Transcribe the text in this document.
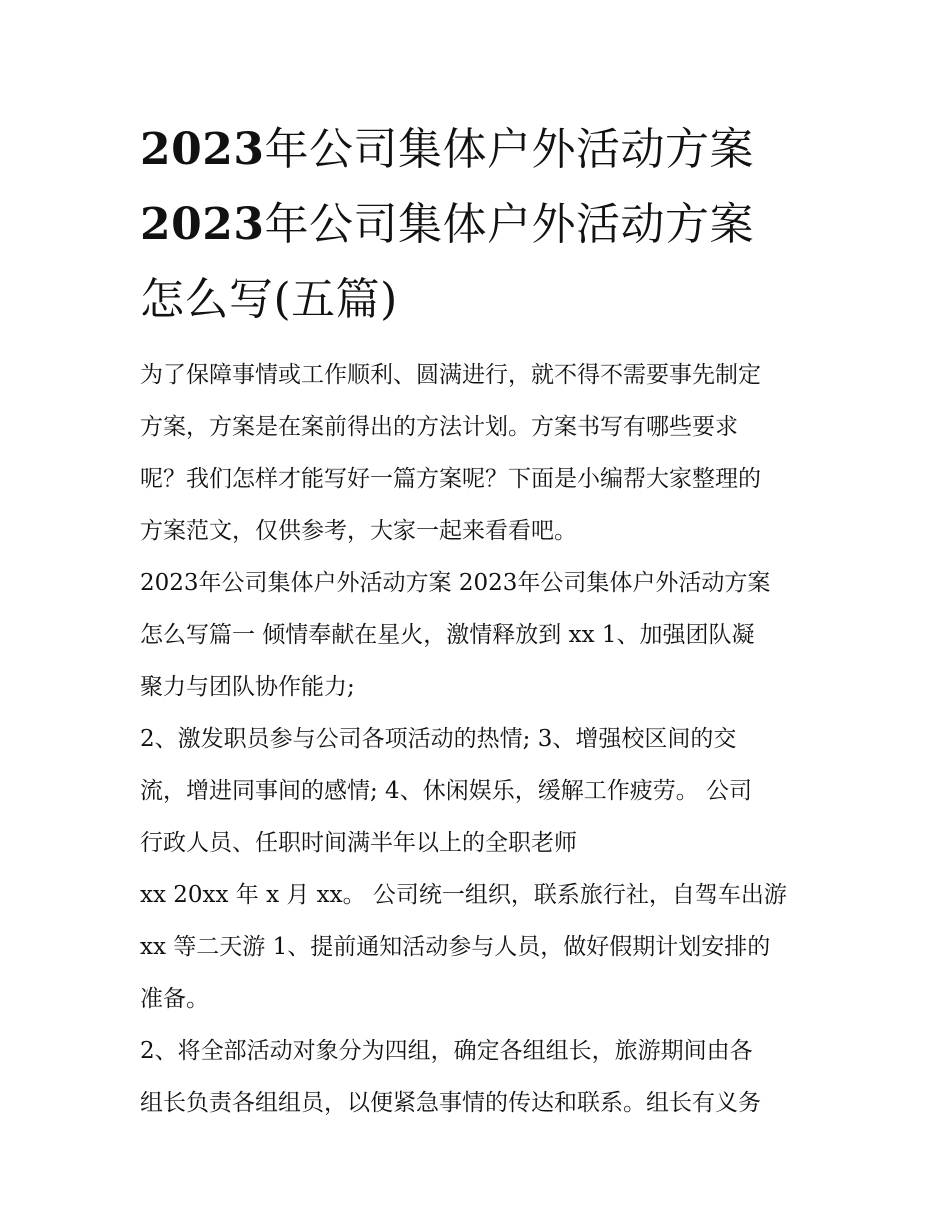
2023年公司集体户外活动方案
2023年公司集体户外活动方案
怎么写(五篇)

为了保障事情或工作顺利、圆满进行，就不得不需要事先制定
方案，方案是在案前得出的方法计划。方案书写有哪些要求
呢？我们怎样才能写好一篇方案呢？下面是小编帮大家整理的
方案范文，仅供参考，大家一起来看看吧。

2023年公司集体户外活动方案 2023年公司集体户外活动方案
怎么写篇一 倾情奉献在星火，激情释放到 xx 1、加强团队凝
聚力与团队协作能力;

2、激发职员参与公司各项活动的热情; 3、增强校区间的交
流，增进同事间的感情; 4、休闲娱乐，缓解工作疲劳。 公司
行政人员、任职时间满半年以上的全职老师

xx 20xx 年 x 月 xx。 公司统一组织，联系旅行社，自驾车出游
xx 等二天游 1、提前通知活动参与人员，做好假期计划安排的
准备。

2、将全部活动对象分为四组，确定各组组长，旅游期间由各
组长负责各组组员，以便紧急事情的传达和联系。组长有义务
